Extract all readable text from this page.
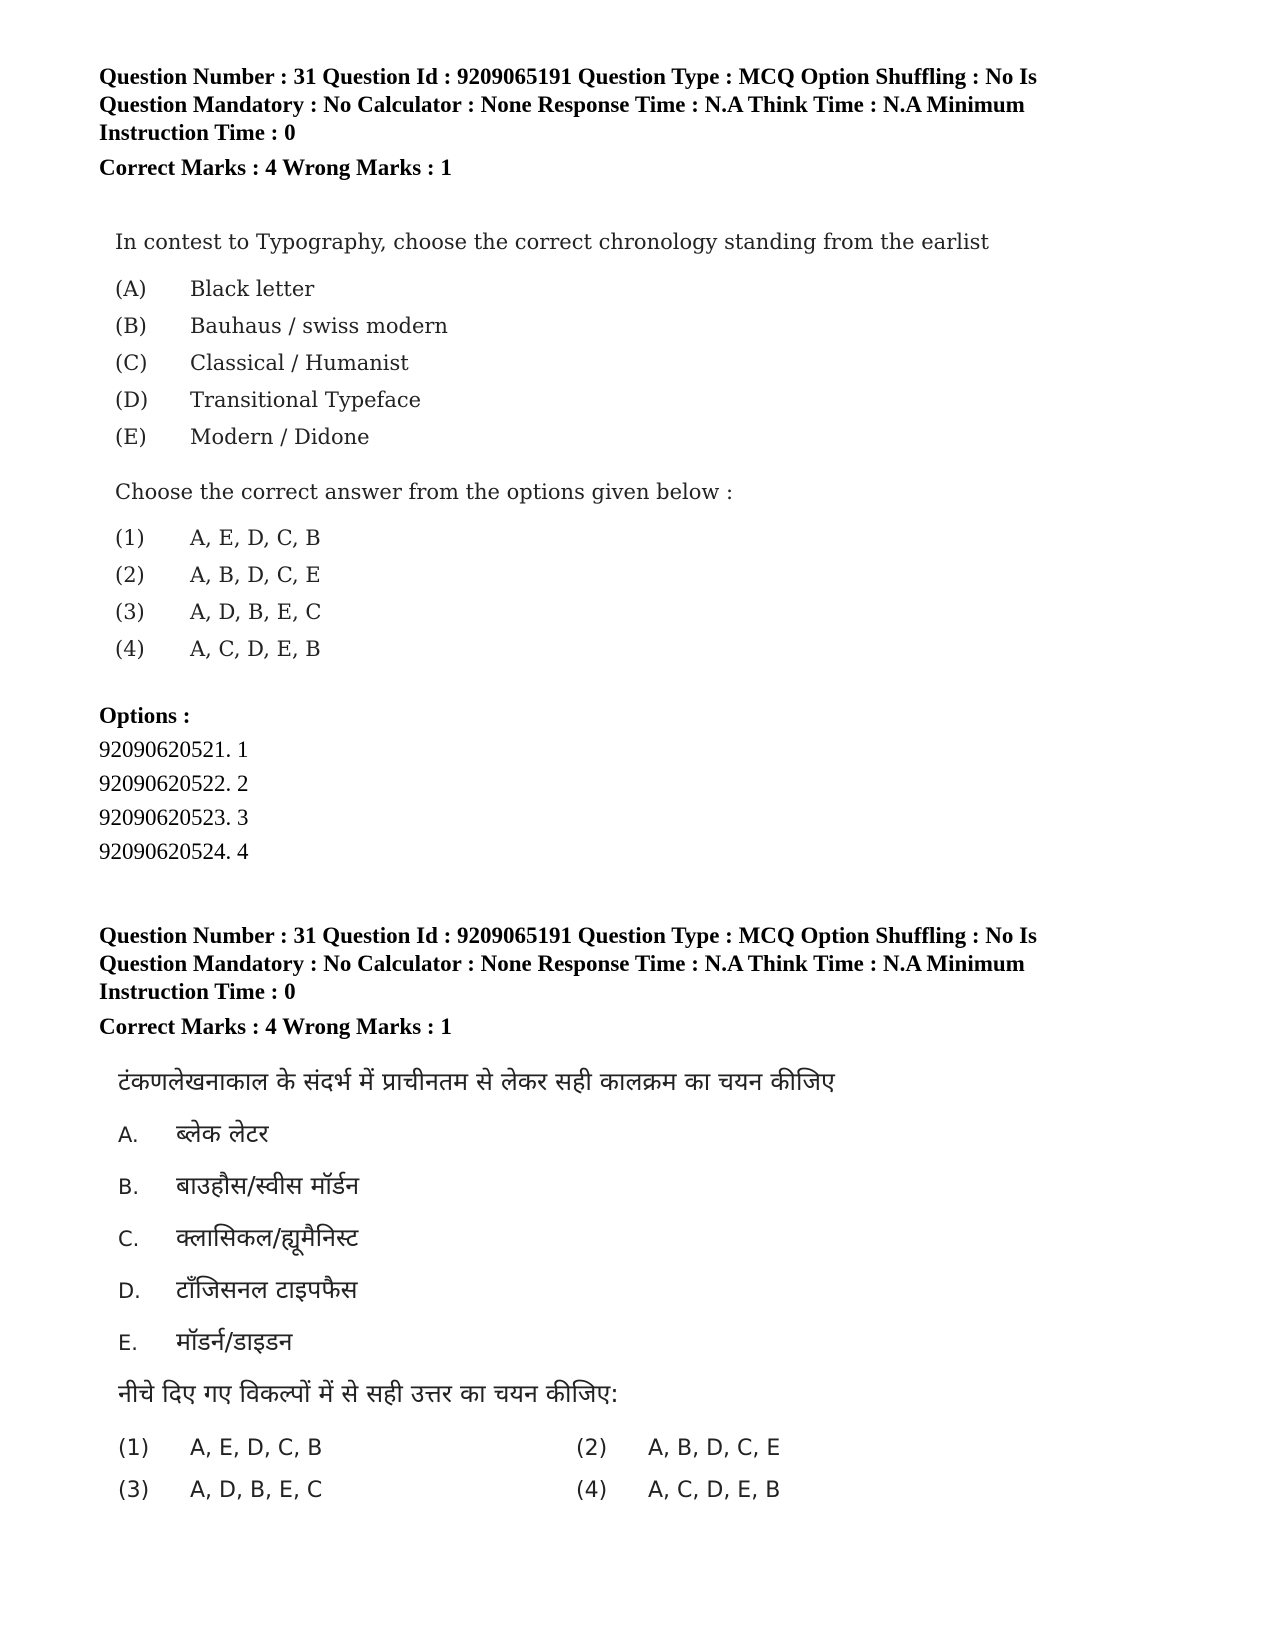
Question Number : 31 Question Id : 9209065191 Question Type : MCQ Option Shuffling : No Is
Question Mandatory : No Calculator : None Response Time : N.A Think Time : N.A Minimum
Instruction Time : 0
Correct Marks : 4 Wrong Marks : 1
In contest to Typography, choose the correct chronology standing from the earlist
(A) Black letter
(B) Bauhaus / swiss modern
(C) Classical / Humanist
(D) Transitional Typeface
(E) Modern / Didone
Choose the correct answer from the options given below :
(1) A, E, D, C, B
(2) A, B, D, C, E
(3) A, D, B, E, C
(4) A, C, D, E, B
Options :
92090620521. 1
92090620522. 2
92090620523. 3
92090620524. 4
Question Number : 31 Question Id : 9209065191 Question Type : MCQ Option Shuffling : No Is
Question Mandatory : No Calculator : None Response Time : N.A Think Time : N.A Minimum
Instruction Time : 0
Correct Marks : 4 Wrong Marks : 1
टंकणलेखनाकाल के संदर्भ में प्राचीनतम से लेकर सही कालक्रम का चयन कीजिए
A. ब्लेक लेटर
B. बाउहौस/स्वीस मॉर्डन
C. क्लासिकल/ह्यूमैनिस्ट
D. टॉंजिसनल टाइपफैस
E. मॉडर्न/डाइडन
नीचे दिए गए विकल्पों में से सही उत्तर का चयन कीजिए:
(1) A, E, D, C, B	(2) A, B, D, C, E
(3) A, D, B, E, C	(4) A, C, D, E, B
